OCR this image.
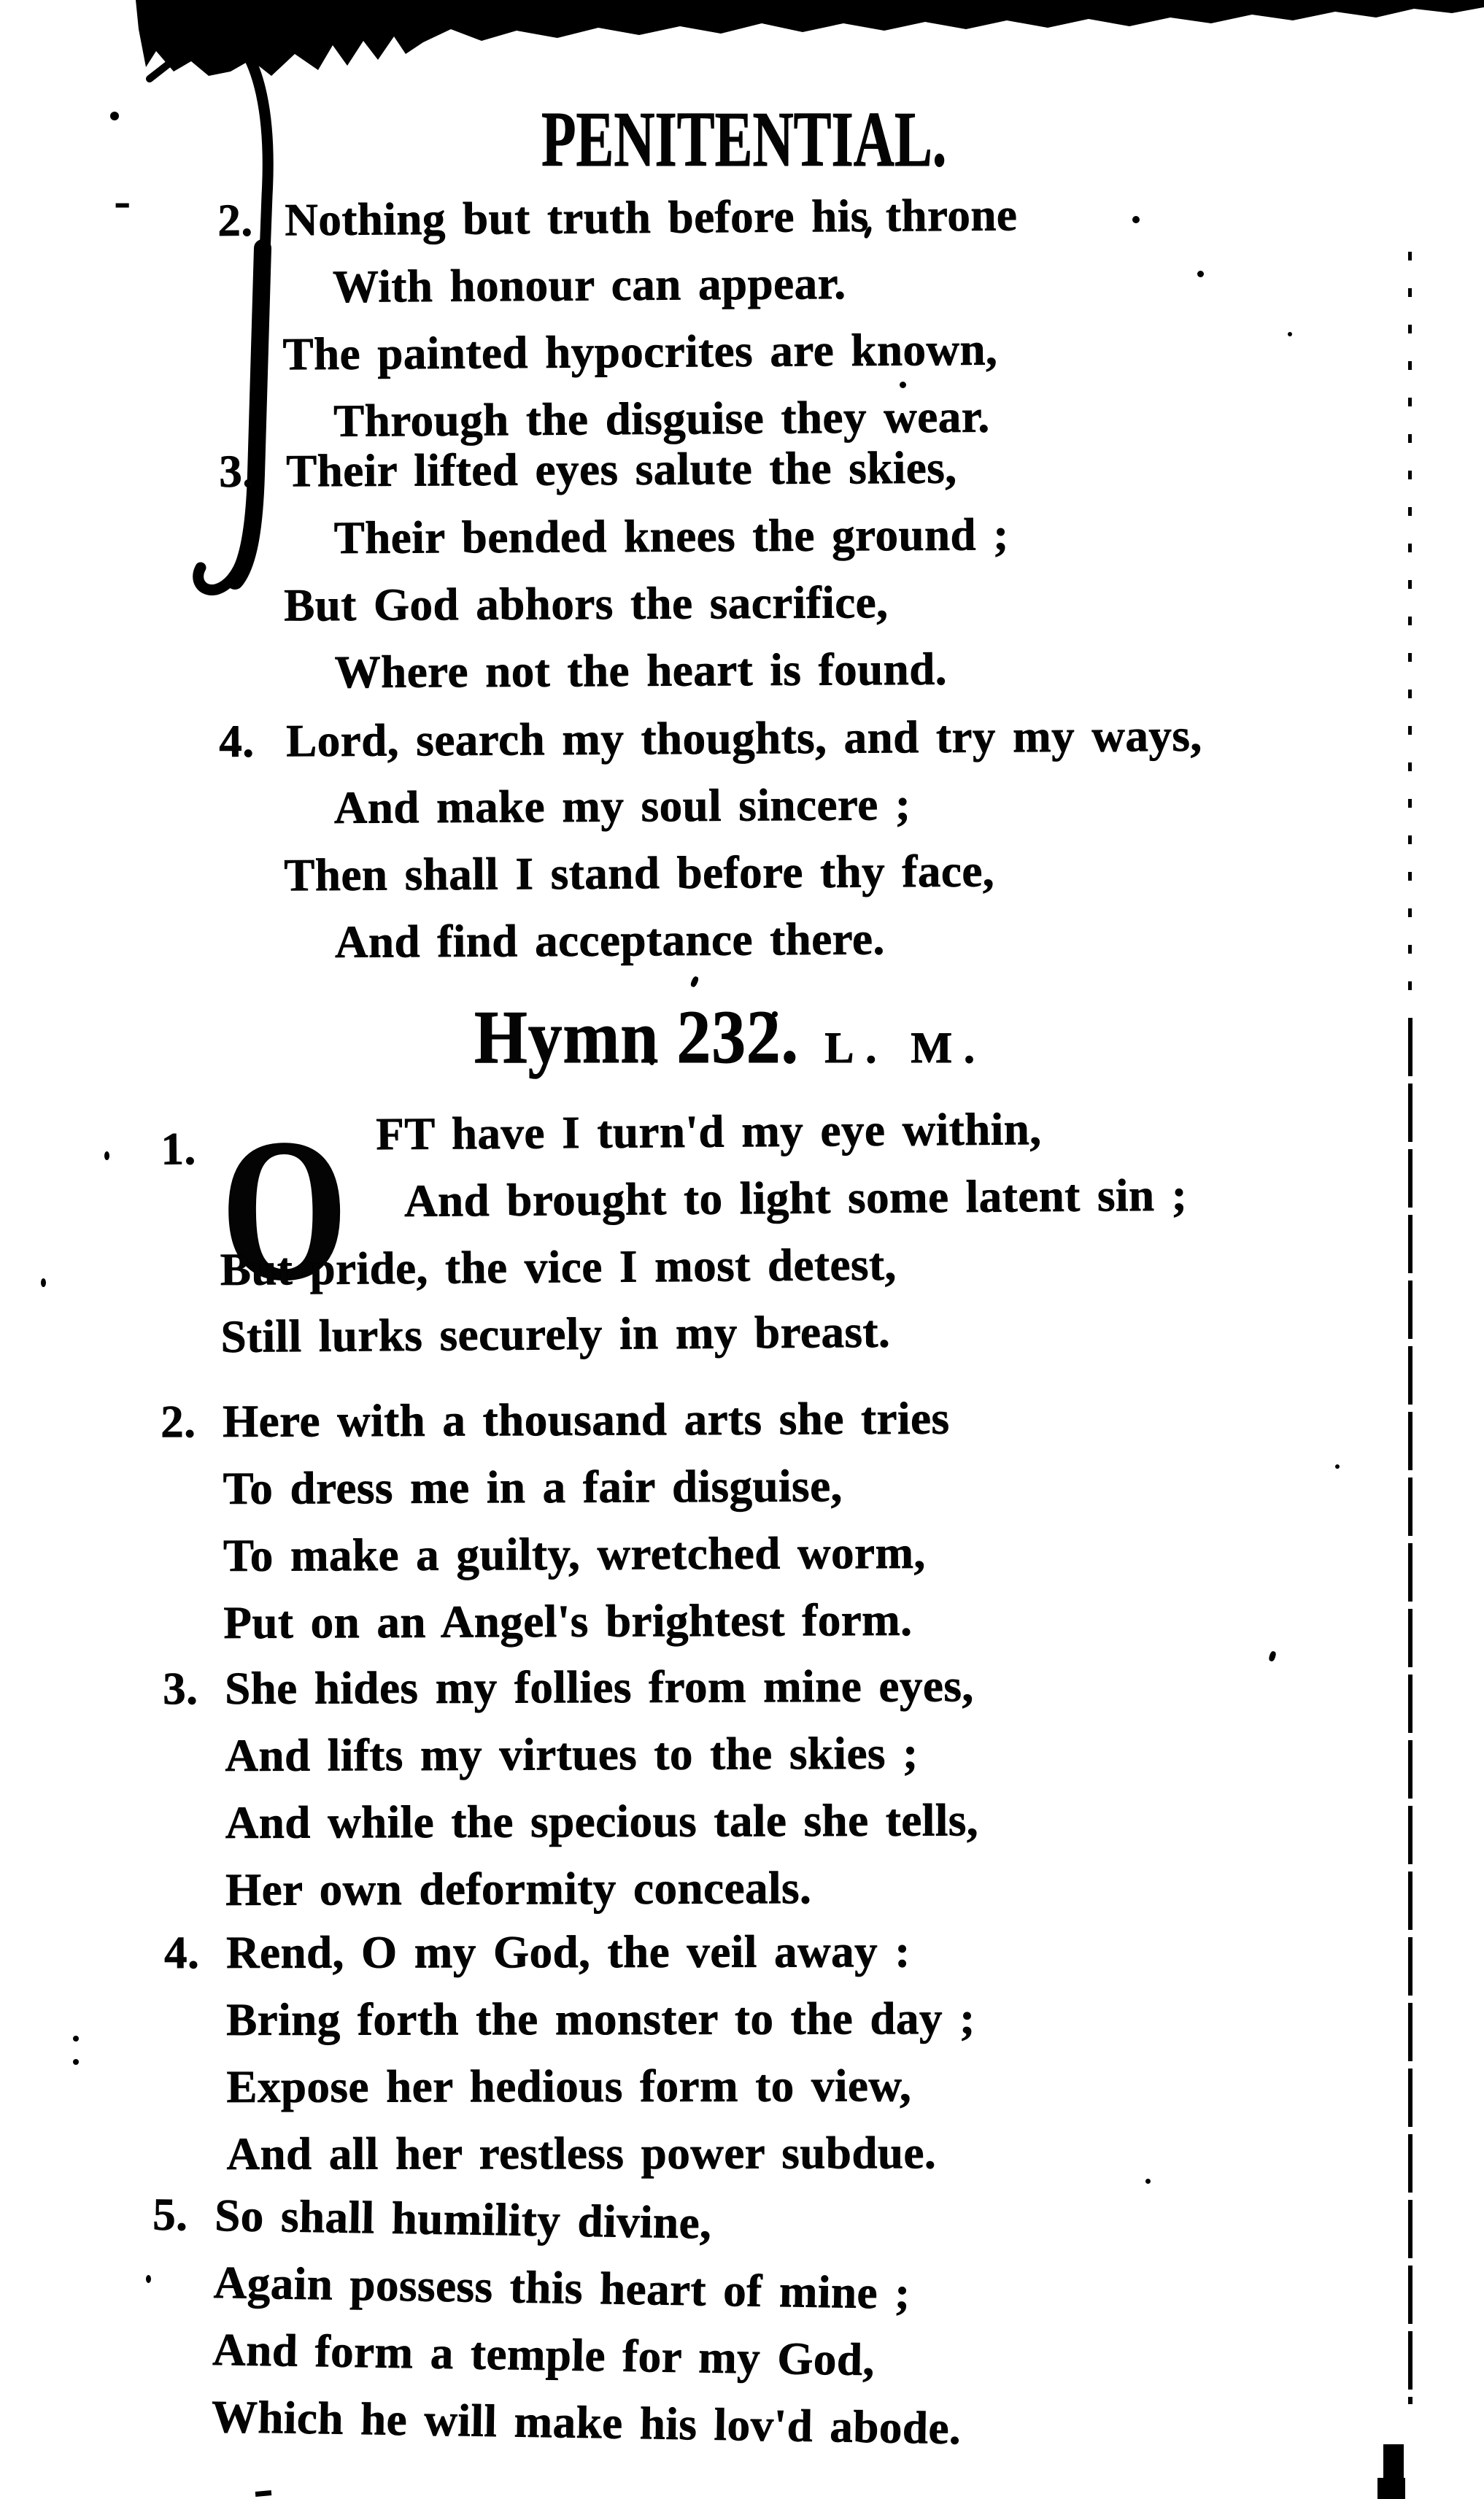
PENITENTIAL.
- 2. Nothing but truth before his throne
With honour can appear.
The painted hypocrites are known,
Through the disguise they wear.
3. Their lifted eyes salute the skies,
Their bended knees the ground ;
But God abhors the sacrifice,
Where not the heart is found.
4. Lord, search my thoughts, and try my ways,
And make my soul sincere ;
Then shall I stand before thy face,
And find acceptance there.
Hymn 232. L. M.
1. O FT have I turn'd my eye within,
And brought to light some latent sin ;
But pride, the vice I most detest,
Still lurks securely in my breast.
2. Here with a thousand arts she tries
To dress me in a fair disguise,
To make a guilty, wretched worm,
Put on an Angel's brightest form.
3. She hides my follies from mine eyes,
And lifts my virtues to the skies ;
And while the specious tale she tells,
Her own deformity conceals.
4. Rend, O my God, the veil away :
Bring forth the monster to the day ;
Expose her hedious form to view,
And all her restless power subdue.
5. So shall humility divine,
Again possess this heart of mine ;
And form a temple for my God,
Which he will make his lov'd abode.
